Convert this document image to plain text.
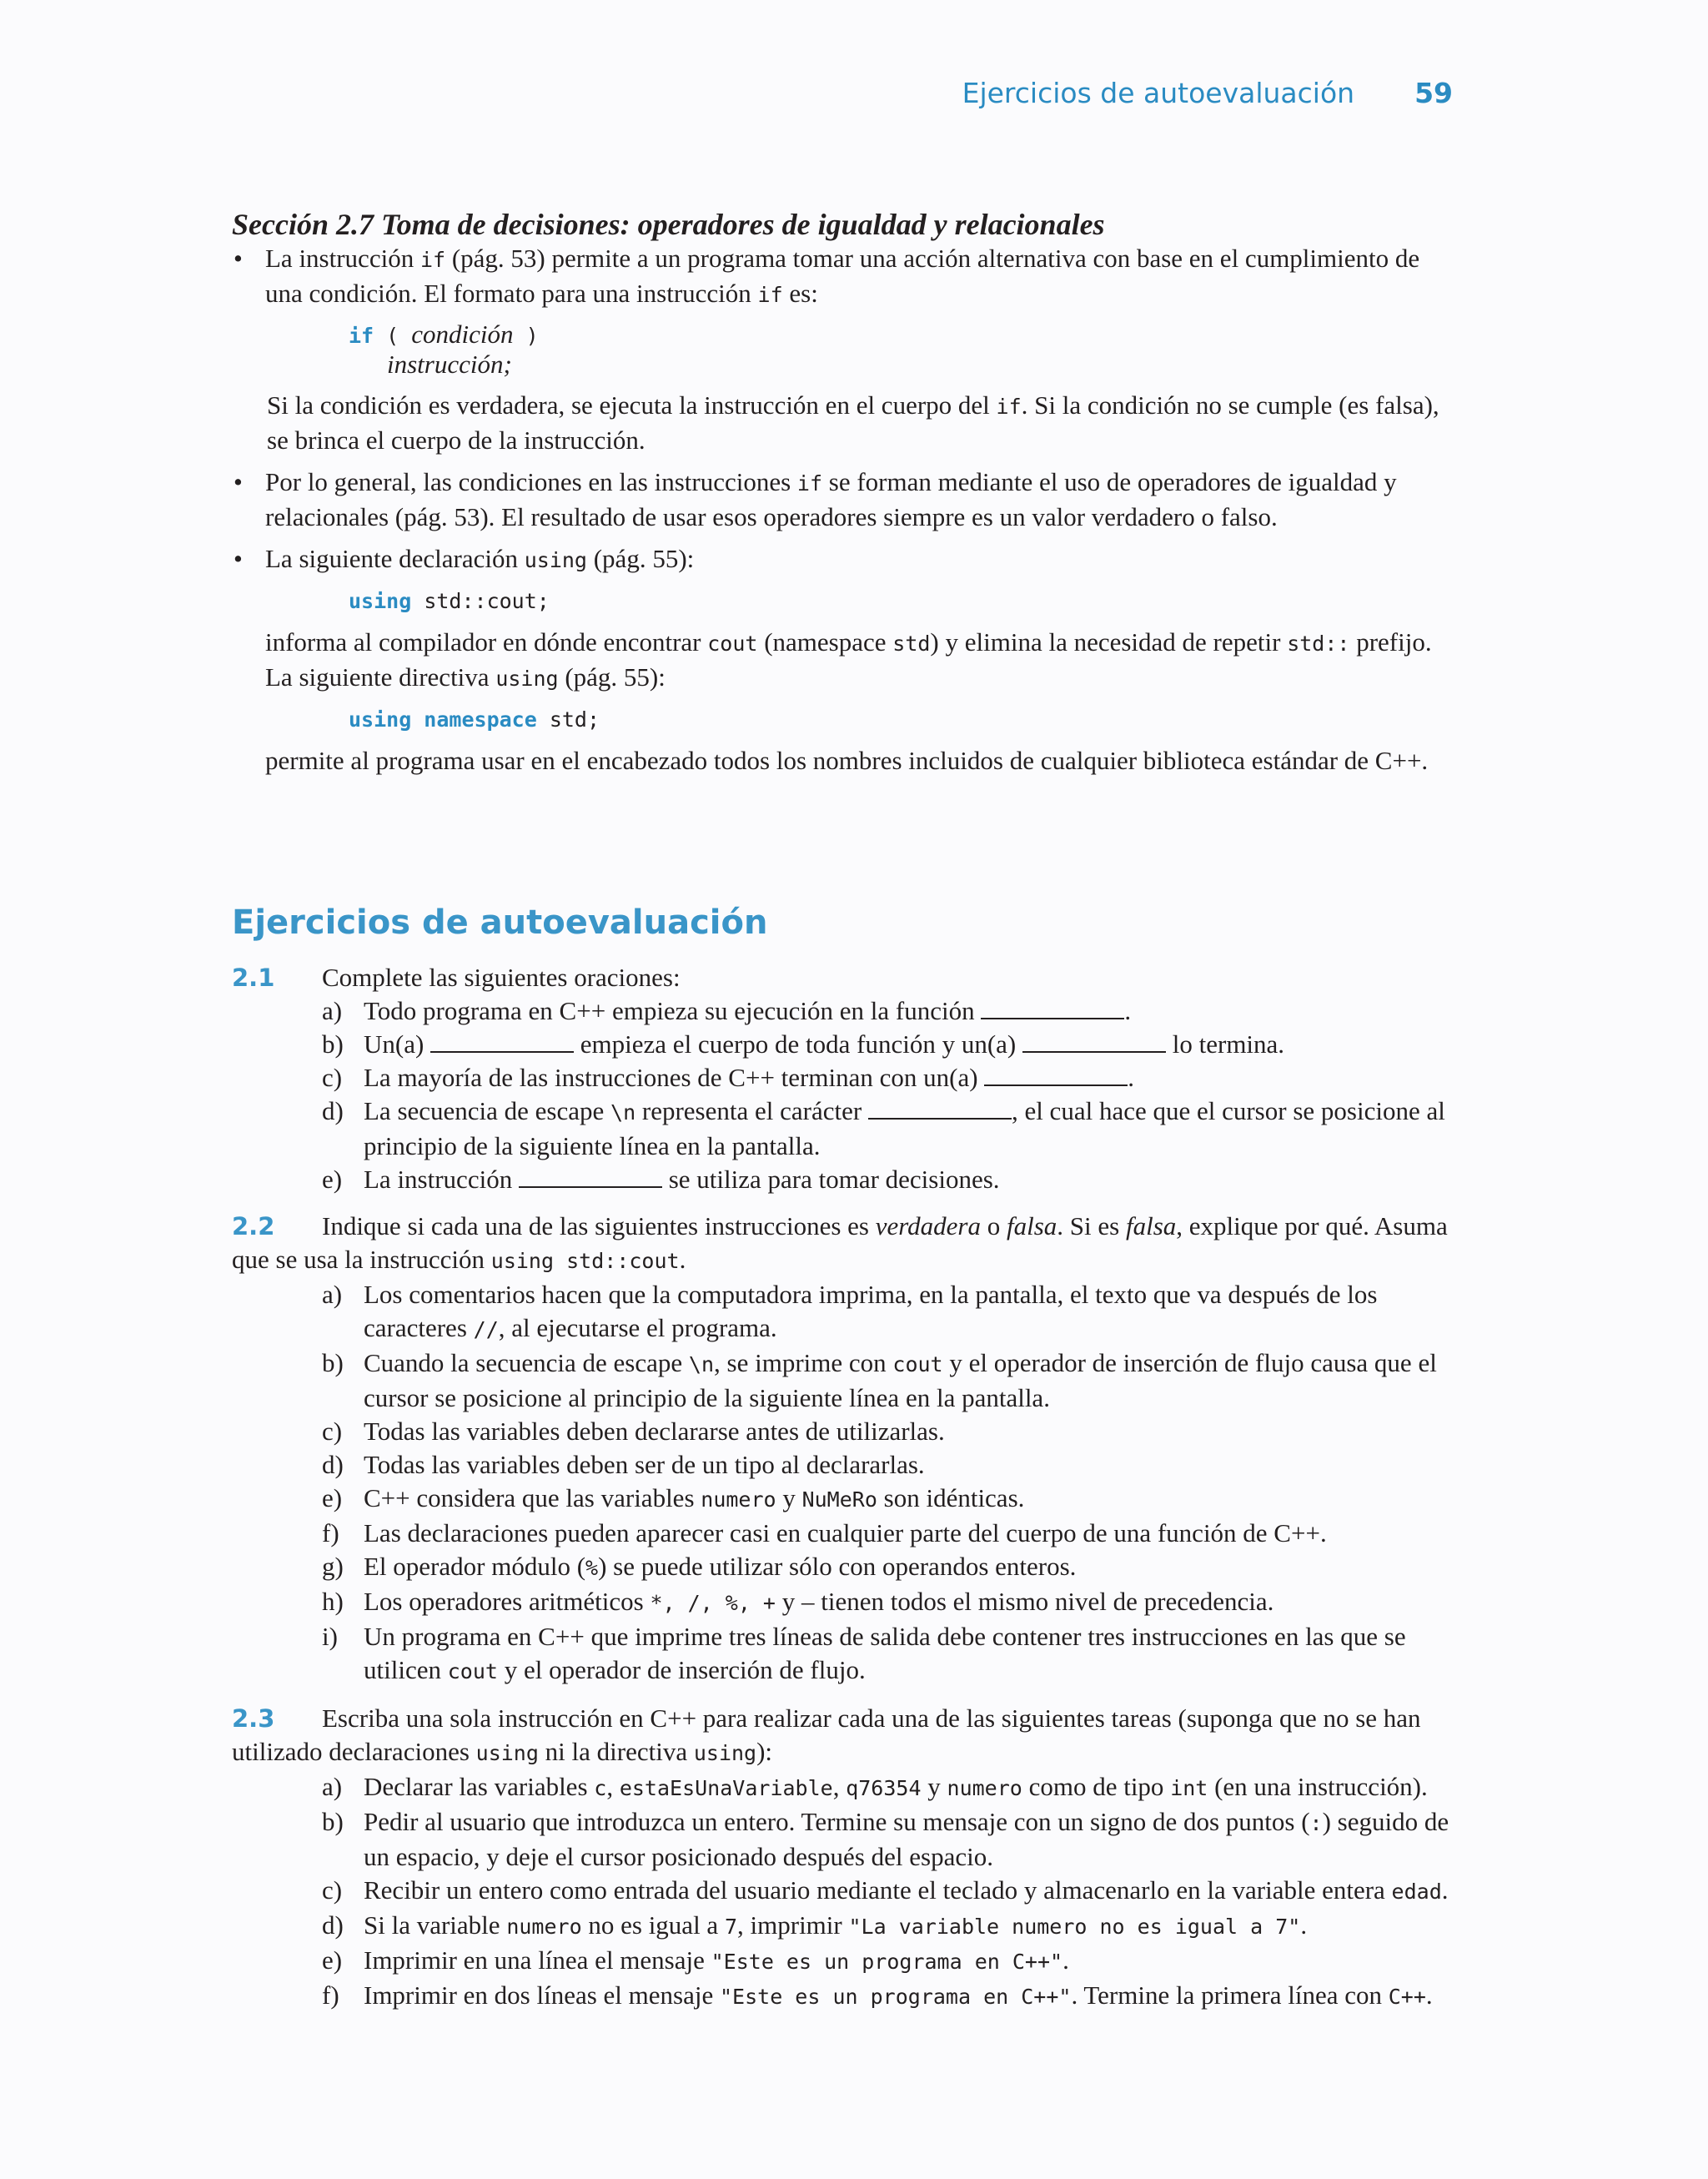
Ejercicios de autoevaluación 59
Sección 2.7 Toma de decisiones: operadores de igualdad y relacionales
• La instrucción if (pág. 53) permite a un programa tomar una acción alternativa con base en el cumplimiento de una condición. El formato para una instrucción if es:
if ( condición )
instrucción;
Si la condición es verdadera, se ejecuta la instrucción en el cuerpo del if. Si la condición no se cumple (es falsa), se brinca el cuerpo de la instrucción.
• Por lo general, las condiciones en las instrucciones if se forman mediante el uso de operadores de igualdad y relacionales (pág. 53). El resultado de usar esos operadores siempre es un valor verdadero o falso.
• La siguiente declaración using (pág. 55):
using std::cout;
informa al compilador en dónde encontrar cout (namespace std) y elimina la necesidad de repetir std:: prefijo. La siguiente directiva using (pág. 55):
using namespace std;
permite al programa usar en el encabezado todos los nombres incluidos de cualquier biblioteca estándar de C++.
Ejercicios de autoevaluación
2.1 Complete las siguientes oraciones:
a) Todo programa en C++ empieza su ejecución en la función	.
b) Un(a)	empieza el cuerpo de toda función y un(a)	lo termina.
c) La mayoría de las instrucciones de C++ terminan con un(a)	.
d) La secuencia de escape \n representa el carácter	, el cual hace que el cursor se posicione al principio de la siguiente línea en la pantalla.
e) La instrucción	se utiliza para tomar decisiones.
2.2 Indique si cada una de las siguientes instrucciones es verdadera o falsa. Si es falsa, explique por qué. Asuma que se usa la instrucción using std::cout.
a) Los comentarios hacen que la computadora imprima, en la pantalla, el texto que va después de los caracteres //, al ejecutarse el programa.
b) Cuando la secuencia de escape \n, se imprime con cout y el operador de inserción de flujo causa que el cursor se posicione al principio de la siguiente línea en la pantalla.
c) Todas las variables deben declararse antes de utilizarlas.
d) Todas las variables deben ser de un tipo al declararlas.
e) C++ considera que las variables numero y NuMeRo son idénticas.
f) Las declaraciones pueden aparecer casi en cualquier parte del cuerpo de una función de C++.
g) El operador módulo (%) se puede utilizar sólo con operandos enteros.
h) Los operadores aritméticos *, /, %, + y – tienen todos el mismo nivel de precedencia.
i) Un programa en C++ que imprime tres líneas de salida debe contener tres instrucciones en las que se utilicen cout y el operador de inserción de flujo.
2.3 Escriba una sola instrucción en C++ para realizar cada una de las siguientes tareas (suponga que no se han utilizado declaraciones using ni la directiva using):
a) Declarar las variables c, estaEsUnaVariable, q76354 y numero como de tipo int (en una instrucción).
b) Pedir al usuario que introduzca un entero. Termine su mensaje con un signo de dos puntos (:) seguido de un espacio, y deje el cursor posicionado después del espacio.
c) Recibir un entero como entrada del usuario mediante el teclado y almacenarlo en la variable entera edad.
d) Si la variable numero no es igual a 7, imprimir "La variable numero no es igual a 7".
e) Imprimir en una línea el mensaje "Este es un programa en C++".
f) Imprimir en dos líneas el mensaje "Este es un programa en C++". Termine la primera línea con C++.
